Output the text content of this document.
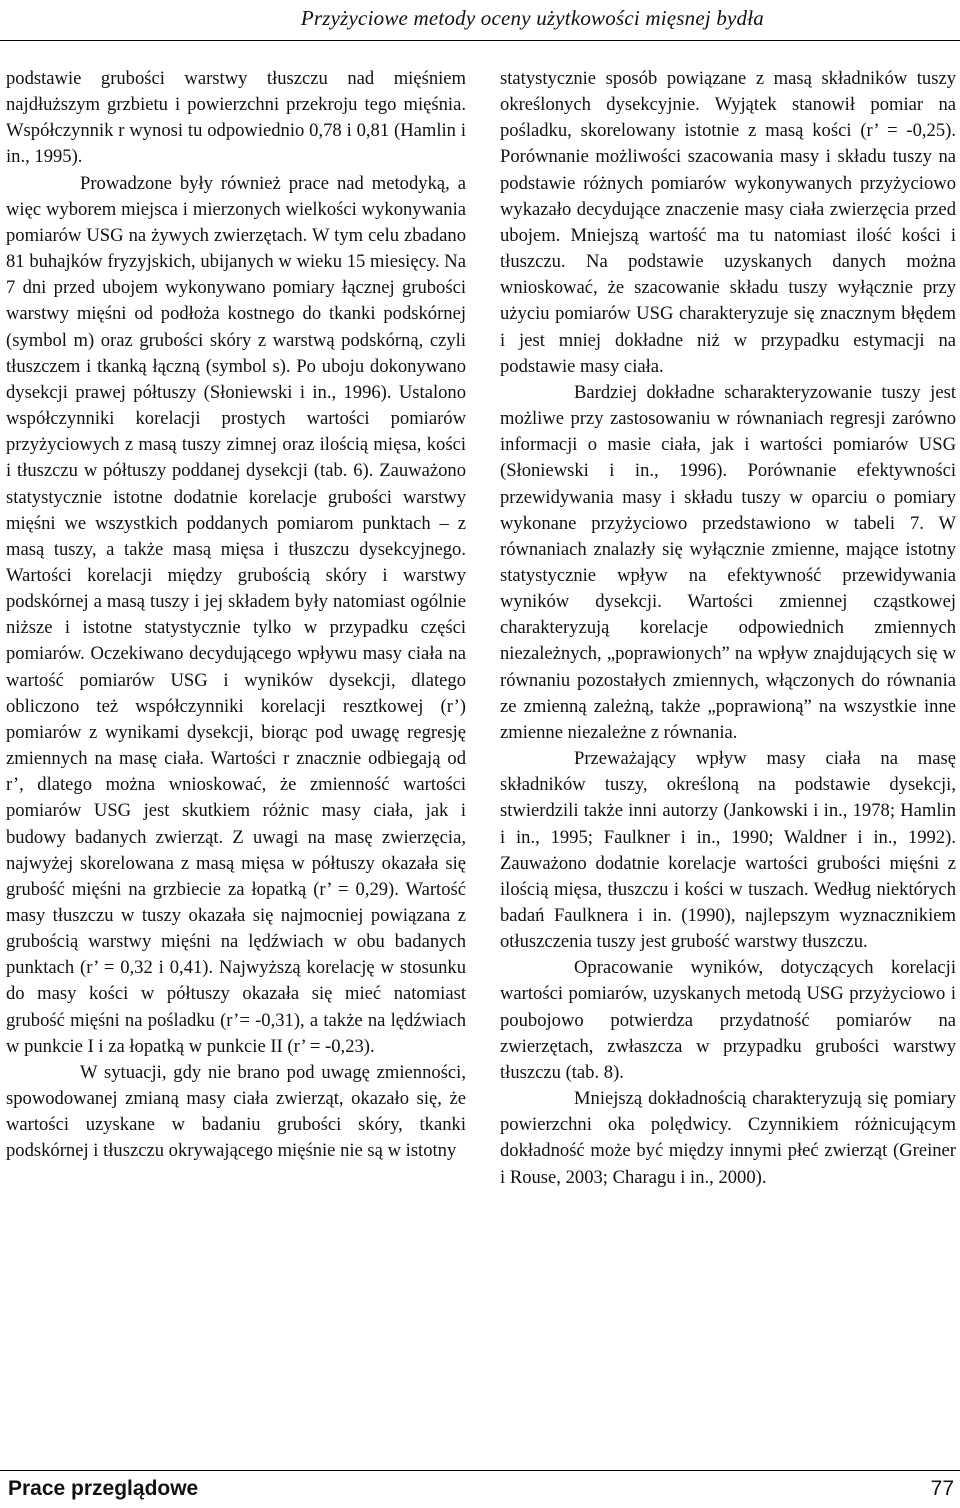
Przyżyciowe metody oceny użytkowości mięsnej bydła

podstawie grubości warstwy tłuszczu nad mięśniem najdłuższym grzbietu i powierzchni przekroju tego mięśnia. Współczynnik r wynosi tu odpowiednio 0,78 i 0,81 (Hamlin i in., 1995).

Prowadzone były również prace nad metodyką, a więc wyborem miejsca i mierzonych wielkości wykonywania pomiarów USG na żywych zwierzętach. W tym celu zbadano 81 buhajków fryzyjskich, ubijanych w wieku 15 miesięcy. Na 7 dni przed ubojem wykonywano pomiary łącznej grubości warstwy mięśni od podłoża kostnego do tkanki podskórnej (symbol m) oraz grubości skóry z warstwą podskórną, czyli tłuszczem i tkanką łączną (symbol s). Po uboju dokonywano dysekcji prawej półtuszy (Słoniewski i in., 1996). Ustalono współczynniki korelacji prostych wartości pomiarów przyżyciowych z masą tuszy zimnej oraz ilością mięsa, kości i tłuszczu w półtuszy poddanej dysekcji (tab. 6). Zauważono statystycznie istotne dodatnie korelacje grubości warstwy mięśni we wszystkich poddanych pomiarom punktach – z masą tuszy, a także masą mięsa i tłuszczu dysekcyjnego. Wartości korelacji między grubością skóry i warstwy podskórnej a masą tuszy i jej składem były natomiast ogólnie niższe i istotne statystycznie tylko w przypadku części pomiarów. Oczekiwano decydującego wpływu masy ciała na wartość pomiarów USG i wyników dysekcji, dlatego obliczono też współczynniki korelacji resztkowej (r’) pomiarów z wynikami dysekcji, biorąc pod uwagę regresję zmiennych na masę ciała. Wartości r znacznie odbiegają od r’, dlatego można wnioskować, że zmienność wartości pomiarów USG jest skutkiem różnic masy ciała, jak i budowy badanych zwierząt. Z uwagi na masę zwierzęcia, najwyżej skorelowana z masą mięsa w półtuszy okazała się grubość mięśni na grzbiecie za łopatką (r’ = 0,29). Wartość masy tłuszczu w tuszy okazała się najmocniej powiązana z grubością warstwy mięśni na lędźwiach w obu badanych punktach (r’ = 0,32 i 0,41). Najwyższą korelację w stosunku do masy kości w półtuszy okazała się mieć natomiast grubość mięśni na pośladku (r’= -0,31), a także na lędźwiach w punkcie I i za łopatką w punkcie II (r’ = -0,23).

W sytuacji, gdy nie brano pod uwagę zmienności, spowodowanej zmianą masy ciała zwierząt, okazało się, że wartości uzyskane w badaniu grubości skóry, tkanki podskórnej i tłuszczu okrywającego mięśnie nie są w istotny

statystycznie sposób powiązane z masą składników tuszy określonych dysekcyjnie. Wyjątek stanowił pomiar na pośladku, skorelowany istotnie z masą kości (r’ = -0,25). Porównanie możliwości szacowania masy i składu tuszy na podstawie różnych pomiarów wykonywanych przyżyciowo wykazało decydujące znaczenie masy ciała zwierzęcia przed ubojem. Mniejszą wartość ma tu natomiast ilość kości i tłuszczu. Na podstawie uzyskanych danych można wnioskować, że szacowanie składu tuszy wyłącznie przy użyciu pomiarów USG charakteryzuje się znacznym błędem i jest mniej dokładne niż w przypadku estymacji na podstawie masy ciała.

Bardziej dokładne scharakteryzowanie tuszy jest możliwe przy zastosowaniu w równaniach regresji zarówno informacji o masie ciała, jak i wartości pomiarów USG (Słoniewski i in., 1996). Porównanie efektywności przewidywania masy i składu tuszy w oparciu o pomiary wykonane przyżyciowo przedstawiono w tabeli 7. W równaniach znalazły się wyłącznie zmienne, mające istotny statystycznie wpływ na efektywność przewidywania wyników dysekcji. Wartości zmiennej cząstkowej charakteryzują korelacje odpowiednich zmiennych niezależnych, „poprawionych” na wpływ znajdujących się w równaniu pozostałych zmiennych, włączonych do równania ze zmienną zależną, także „poprawioną” na wszystkie inne zmienne niezależne z równania.

Przeważający wpływ masy ciała na masę składników tuszy, określoną na podstawie dysekcji, stwierdzili także inni autorzy (Jankowski i in., 1978; Hamlin i in., 1995; Faulkner i in., 1990; Waldner i in., 1992). Zauważono dodatnie korelacje wartości grubości mięśni z ilością mięsa, tłuszczu i kości w tuszach. Według niektórych badań Faulknera i in. (1990), najlepszym wyznacznikiem otłuszczenia tuszy jest grubość warstwy tłuszczu.

Opracowanie wyników, dotyczących korelacji wartości pomiarów, uzyskanych metodą USG przyżyciowo i poubojowo potwierdza przydatność pomiarów na zwierzętach, zwłaszcza w przypadku grubości warstwy tłuszczu (tab. 8).

Mniejszą dokładnością charakteryzują się pomiary powierzchni oka polędwicy. Czynnikiem różnicującym dokładność może być między innymi płeć zwierząt (Greiner i Rouse, 2003; Charagu i in., 2000).

Prace przeglądowe	77
